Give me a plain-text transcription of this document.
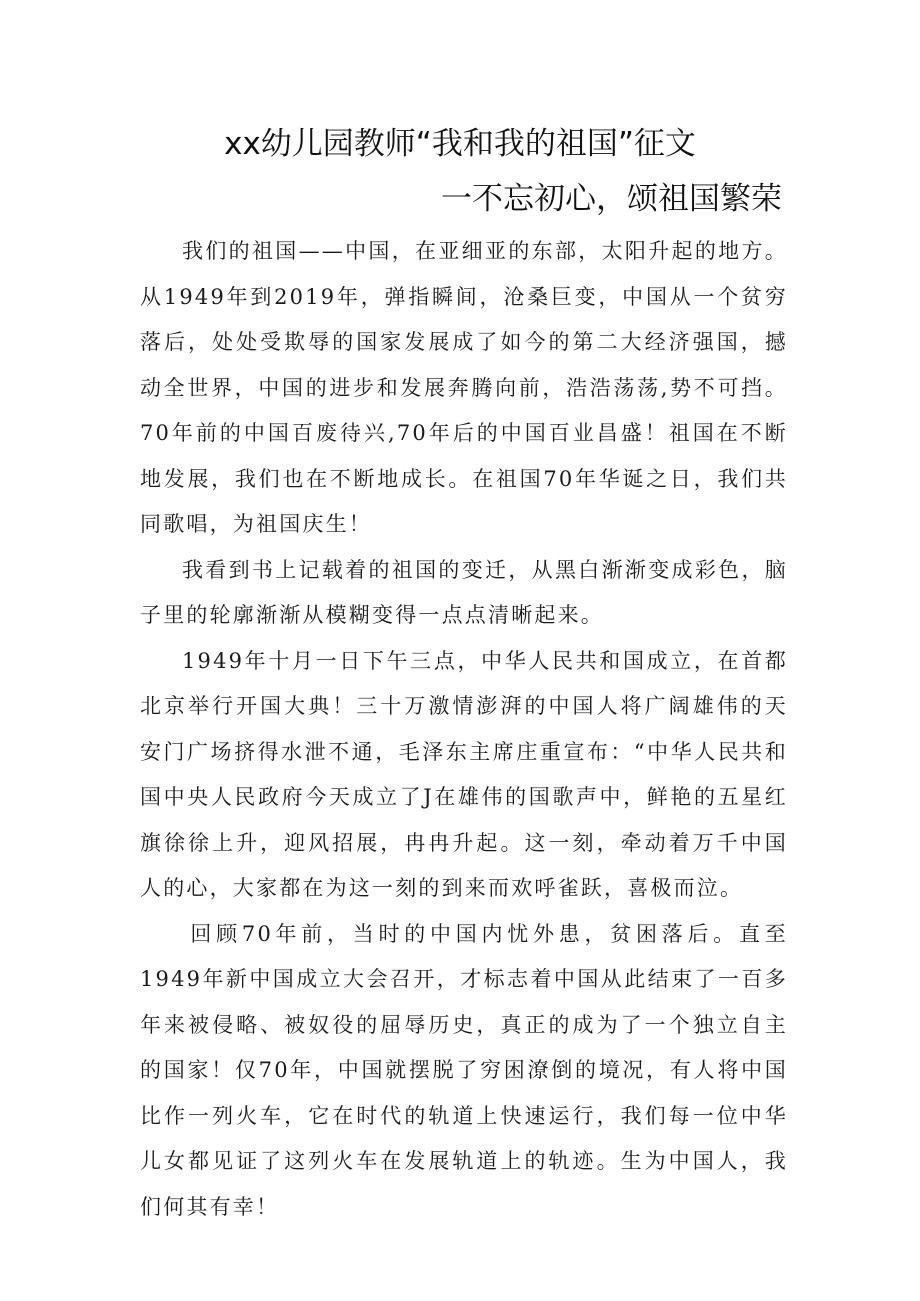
xx幼儿园教师“我和我的祖国”征文
一不忘初心，颂祖国繁荣

我们的祖国——中国，在亚细亚的东部，太阳升起的地方。从1949年到2019年，弹指瞬间，沧桑巨变，中国从一个贫穷落后，处处受欺辱的国家发展成了如今的第二大经济强国，撼动全世界，中国的进步和发展奔腾向前，浩浩荡荡,势不可挡。70年前的中国百废待兴,70年后的中国百业昌盛！祖国在不断地发展，我们也在不断地成长。在祖国70年华诞之日，我们共同歌唱，为祖国庆生！

我看到书上记载着的祖国的变迁，从黑白渐渐变成彩色，脑子里的轮廓渐渐从模糊变得一点点清晰起来。

1949年十月一日下午三点，中华人民共和国成立，在首都北京举行开国大典！三十万激情澎湃的中国人将广阔雄伟的天安门广场挤得水泄不通，毛泽东主席庄重宣布：“中华人民共和国中央人民政府今天成立了J在雄伟的国歌声中，鲜艳的五星红旗徐徐上升，迎风招展，冉冉升起。这一刻，牵动着万千中国人的心，大家都在为这一刻的到来而欢呼雀跃，喜极而泣。

回顾70年前，当时的中国内忧外患，贫困落后。直至1949年新中国成立大会召开，才标志着中国从此结束了一百多年来被侵略、被奴役的屈辱历史，真正的成为了一个独立自主的国家！仅70年，中国就摆脱了穷困潦倒的境况，有人将中国比作一列火车，它在时代的轨道上快速运行，我们每一位中华儿女都见证了这列火车在发展轨道上的轨迹。生为中国人，我们何其有幸！
